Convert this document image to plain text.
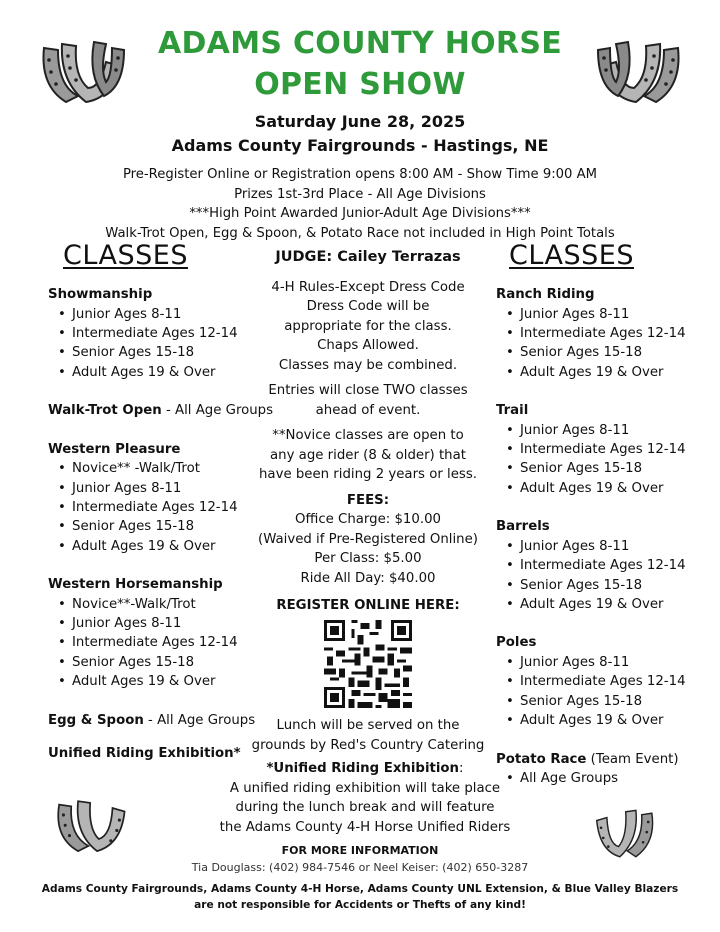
ADAMS COUNTY HORSE
OPEN SHOW
Saturday June 28, 2025
Adams County Fairgrounds - Hastings, NE
Pre-Register Online or Registration opens 8:00 AM - Show Time 9:00 AM
Prizes 1st-3rd Place - All Age Divisions
***High Point Awarded Junior-Adult Age Divisions***
Walk-Trot Open, Egg & Spoon, & Potato Race not included in High Point Totals
CLASSES
Showmanship
• Junior Ages 8-11
• Intermediate Ages 12-14
• Senior Ages 15-18
• Adult Ages 19 & Over
Walk-Trot Open - All Age Groups
Western Pleasure
• Novice** -Walk/Trot
• Junior Ages 8-11
• Intermediate Ages 12-14
• Senior Ages 15-18
• Adult Ages 19 & Over
Western Horsemanship
• Novice**-Walk/Trot
• Junior Ages 8-11
• Intermediate Ages 12-14
• Senior Ages 15-18
• Adult Ages 19 & Over
Egg & Spoon - All Age Groups
Unified Riding Exhibition*
JUDGE: Cailey Terrazas
4-H Rules-Except Dress Code
Dress Code will be
appropriate for the class.
Chaps Allowed.
Classes may be combined.
Entries will close TWO classes
ahead of event.
**Novice classes are open to
any age rider (8 & older) that
have been riding 2 years or less.
FEES:
Office Charge: $10.00
(Waived if Pre-Registered Online)
Per Class: $5.00
Ride All Day: $40.00
REGISTER ONLINE HERE:
Lunch will be served on the
grounds by Red's Country Catering
*Unified Riding Exhibition:
A unified riding exhibition will take place
during the lunch break and will feature
the Adams County 4-H Horse Unified Riders
CLASSES
Ranch Riding
• Junior Ages 8-11
• Intermediate Ages 12-14
• Senior Ages 15-18
• Adult Ages 19 & Over
Trail
• Junior Ages 8-11
• Intermediate Ages 12-14
• Senior Ages 15-18
• Adult Ages 19 & Over
Barrels
• Junior Ages 8-11
• Intermediate Ages 12-14
• Senior Ages 15-18
• Adult Ages 19 & Over
Poles
• Junior Ages 8-11
• Intermediate Ages 12-14
• Senior Ages 15-18
• Adult Ages 19 & Over
Potato Race (Team Event)
• All Age Groups
FOR MORE INFORMATION
Tia Douglass: (402) 984-7546 or Neel Keiser: (402) 650-3287
Adams County Fairgrounds, Adams County 4-H Horse, Adams County UNL Extension, & Blue Valley Blazers
are not responsible for Accidents or Thefts of any kind!
